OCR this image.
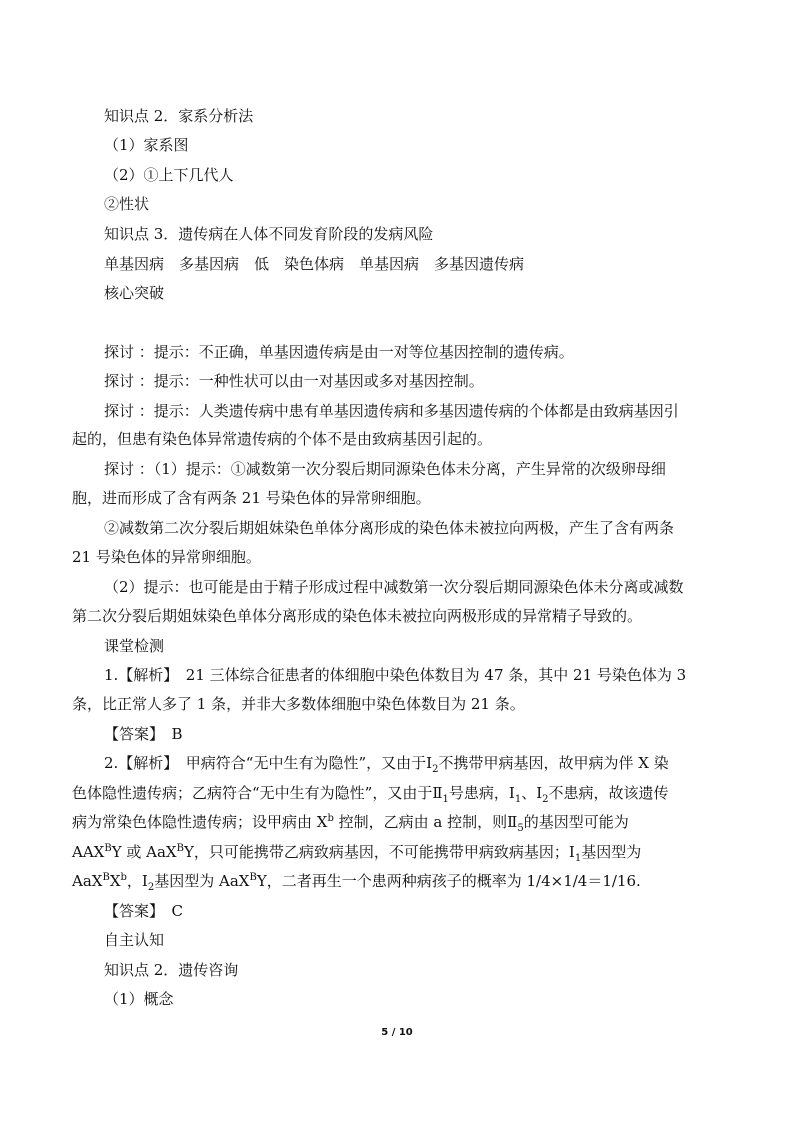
知识点 2．家系分析法
（1）家系图
（2）①上下几代人
②性状
知识点 3．遗传病在人体不同发育阶段的发病风险
单基因病　多基因病　低　染色体病　单基因病　多基因遗传病
核心突破
探讨 ：提示：不正确，单基因遗传病是由一对等位基因控制的遗传病。
探讨 ：提示：一种性状可以由一对基因或多对基因控制。
探讨 ：提示：人类遗传病中患有单基因遗传病和多基因遗传病的个体都是由致病基因引
起的，但患有染色体异常遗传病的个体不是由致病基因引起的。
探讨 ：（1）提示：①减数第一次分裂后期同源染色体未分离，产生异常的次级卵母细
胞，进而形成了含有两条 21 号染色体的异常卵细胞。
②减数第二次分裂后期姐妹染色单体分离形成的染色体未被拉向两极，产生了含有两条
21 号染色体的异常卵细胞。
（2）提示：也可能是由于精子形成过程中减数第一次分裂后期同源染色体未分离或减数
第二次分裂后期姐妹染色单体分离形成的染色体未被拉向两极形成的异常精子导致的。
课堂检测
1.【解析】　21 三体综合征患者的体细胞中染色体数目为 47 条，其中 21 号染色体为 3
条，比正常人多了 1 条，并非大多数体细胞中染色体数目为 21 条。
【答案】　B
2.【解析】　甲病符合“无中生有为隐性”，又由于$I_2$不携带甲病基因，故甲病为伴 X 染
色体隐性遗传病；乙病符合“无中生有为隐性”，又由于$Ⅱ_1$号患病，$I_1$、$I_2$不患病，故该遗传
病为常染色体隐性遗传病；设甲病由 $X^b$ 控制，乙病由 a 控制，则$Ⅱ_5$的基因型可能为
$AAX^BY$ 或 AaX$^B$Y，只可能携带乙病致病基因，不可能携带甲病致病基因；$I_1$基因型为
$AaX^BX^b$，$Ⅰ_2$基因型为 AaX$^B$Y，二者再生一个患两种病孩子的概率为 1/4×1/4＝1/16.
【答案】　C
自主认知
知识点 2．遗传咨询
（1）概念
5 / 10
